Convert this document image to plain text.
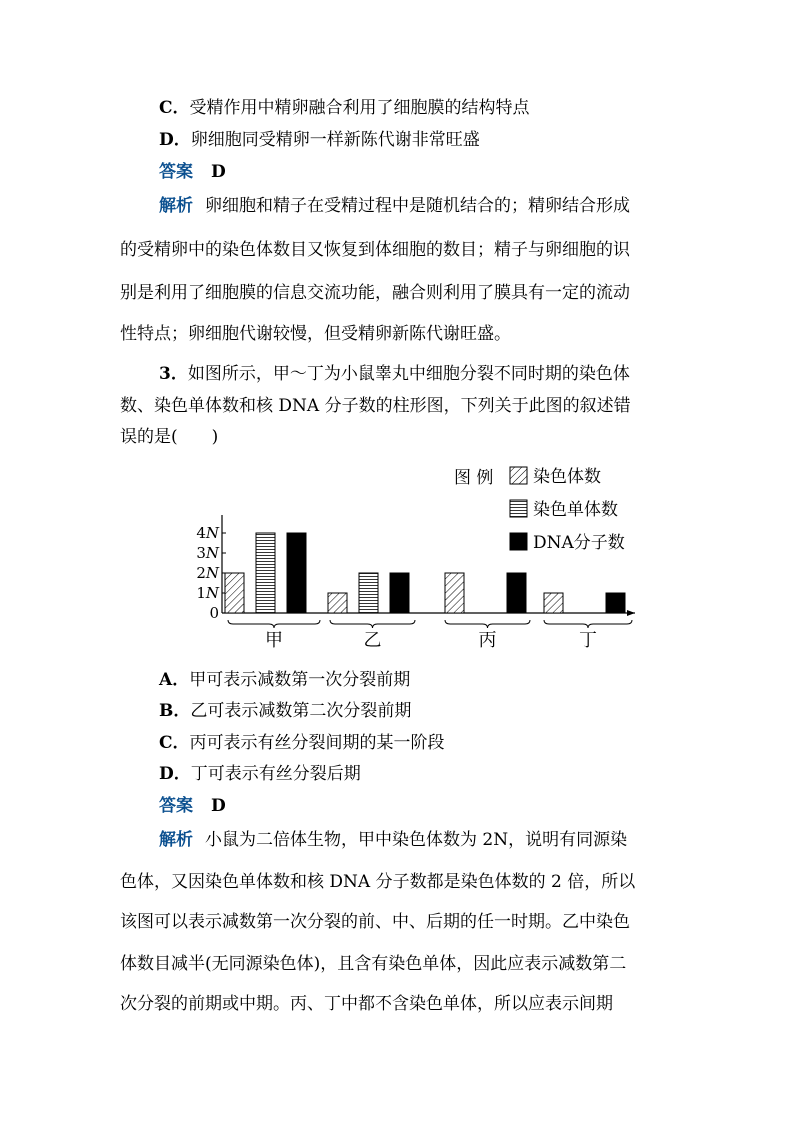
C．受精作用中精卵融合利用了细胞膜的结构特点
D．卵细胞同受精卵一样新陈代谢非常旺盛
答案 D
解析 卵细胞和精子在受精过程中是随机结合的；精卵结合形成
的受精卵中的染色体数目又恢复到体细胞的数目；精子与卵细胞的识
别是利用了细胞膜的信息交流功能，融合则利用了膜具有一定的流动
性特点；卵细胞代谢较慢，但受精卵新陈代谢旺盛。
3．如图所示，甲～丁为小鼠睾丸中细胞分裂不同时期的染色体
数、染色单体数和核 DNA 分子数的柱形图，下列关于此图的叙述错
误的是(　　)
图 例 染色体数
染色单体数
DNA分子数
0
1N
2N
3N
4N
甲	乙	丙	丁
A．甲可表示减数第一次分裂前期
B．乙可表示减数第二次分裂前期
C．丙可表示有丝分裂间期的某一阶段
D．丁可表示有丝分裂后期
答案 D
解析 小鼠为二倍体生物，甲中染色体数为 2N，说明有同源染
色体，又因染色单体数和核 DNA 分子数都是染色体数的 2 倍，所以
该图可以表示减数第一次分裂的前、中、后期的任一时期。乙中染色
体数目减半(无同源染色体)，且含有染色单体，因此应表示减数第二
次分裂的前期或中期。丙、丁中都不含染色单体，所以应表示间期
